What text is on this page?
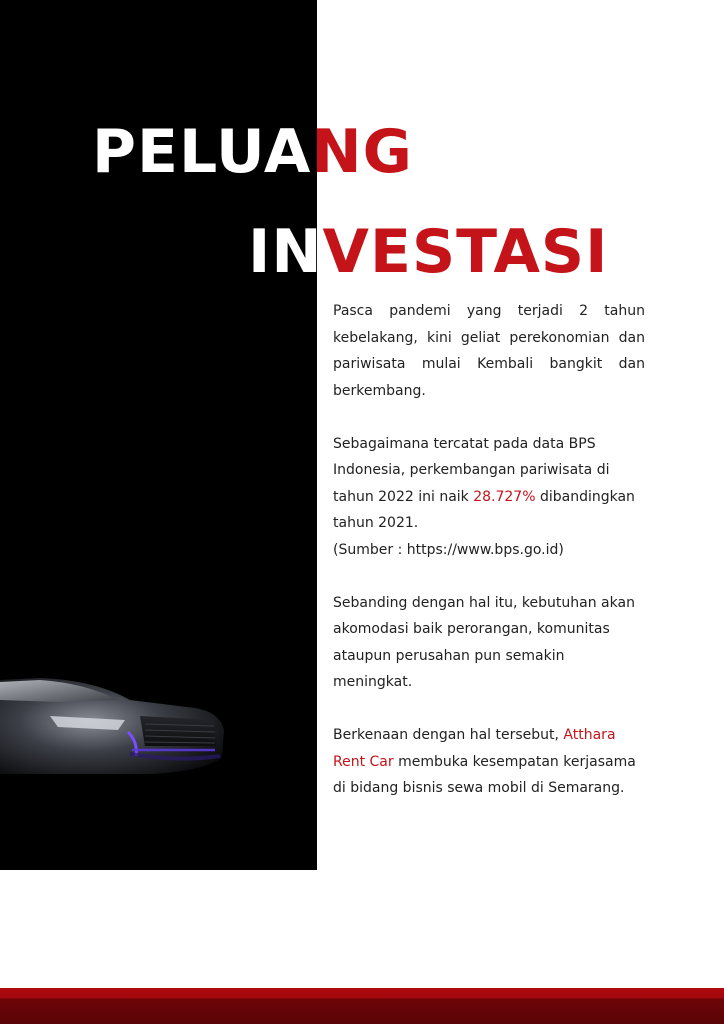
PELUANG
INVESTASI

Pasca pandemi yang terjadi 2 tahun kebelakang, kini geliat perekonomian dan pariwisata mulai Kembali bangkit dan berkembang.

Sebagaimana tercatat pada data BPS Indonesia, perkembangan pariwisata di tahun 2022 ini naik 28.727% dibandingkan tahun 2021.
(Sumber : https://www.bps.go.id)

Sebanding dengan hal itu, kebutuhan akan akomodasi baik perorangan, komunitas ataupun perusahan pun semakin meningkat.

Berkenaan dengan hal tersebut, Atthara Rent Car membuka kesempatan kerjasama di bidang bisnis sewa mobil di Semarang.
